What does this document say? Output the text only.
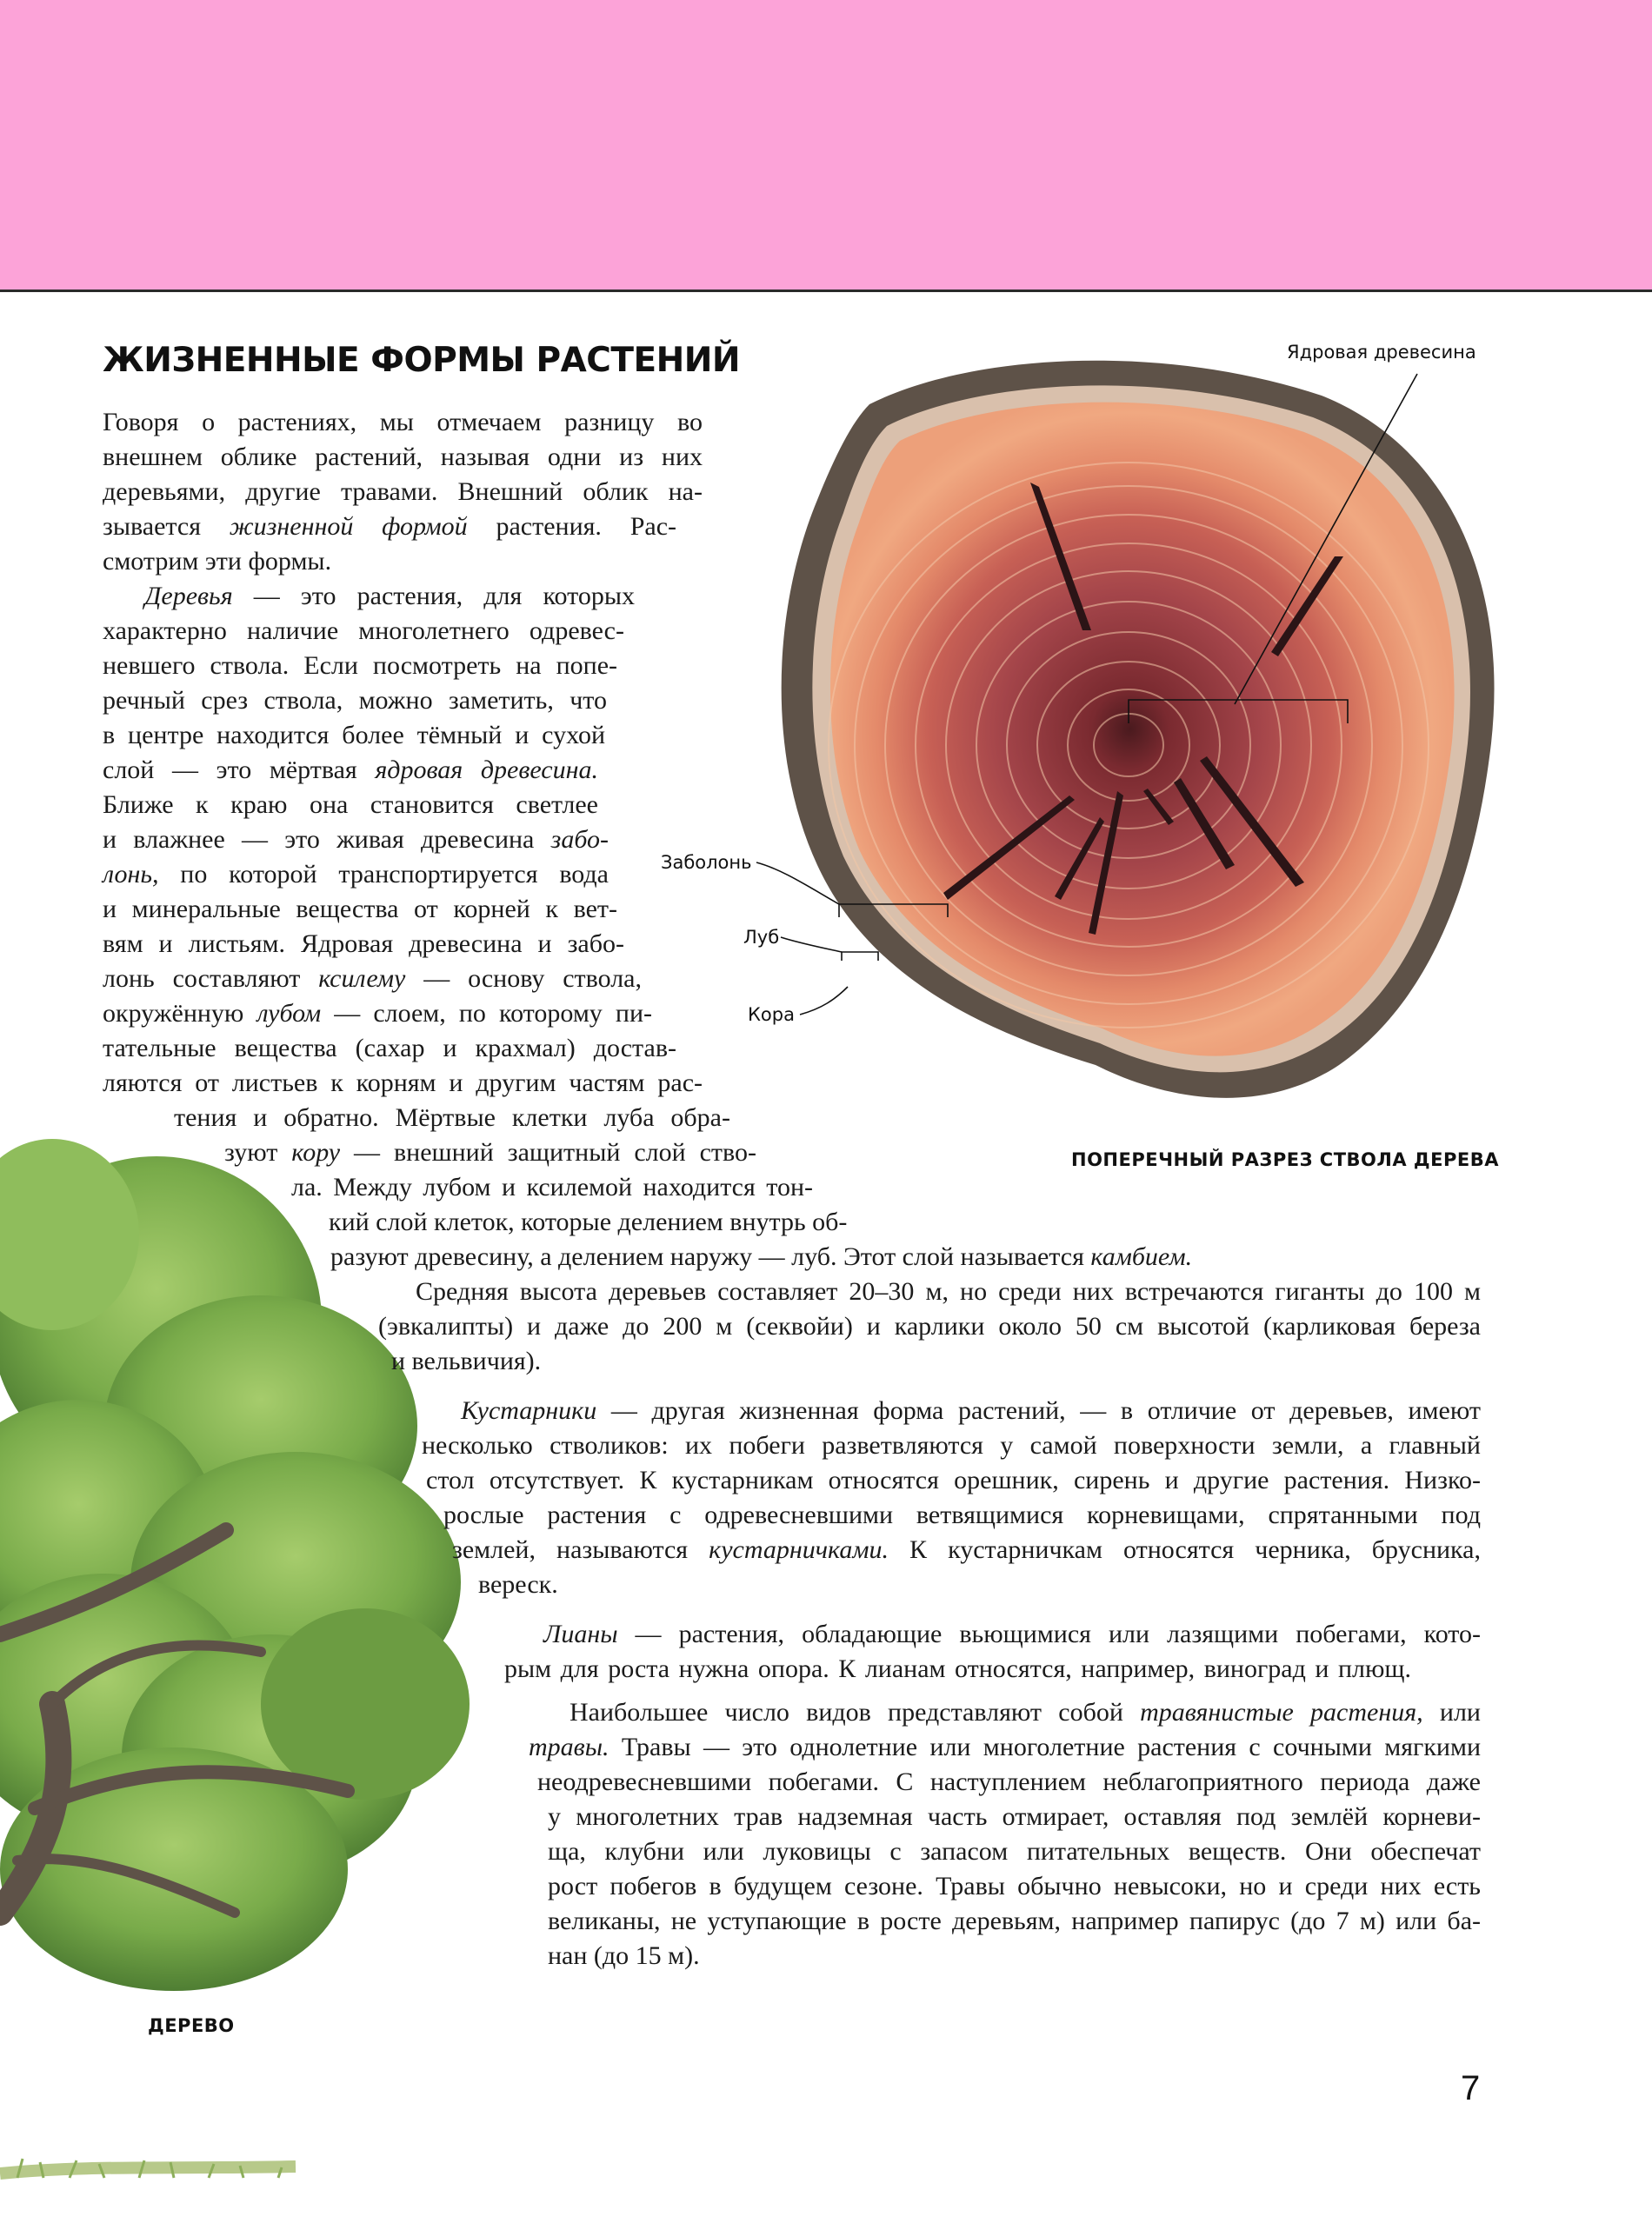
ЖИЗНЕННЫЕ ФОРМЫ РАСТЕНИЙ	Ядровая древесина
Заболонь
Луб
Кора
ПОПЕРЕЧНЫЙ РАЗРЕЗ СТВОЛА ДЕРЕВА
Говоря о растениях, мы отмечаем разницу во
внешнем облике растений, называя одни из них
деревьями, другие травами. Внешний облик на-
зывается жизненной формой растения. Рас-
смотрим эти формы.
Деревья — это растения, для которых
характерно наличие многолетнего одревес-
невшего ствола. Если посмотреть на попе-
речный срез ствола, можно заметить, что
в центре находится более тёмный и сухой
слой — это мёртвая ядровая древесина.
Ближе к краю она становится светлее
и влажнее — это живая древесина забо-
лонь, по которой транспортируется вода
и минеральные вещества от корней к вет-
вям и листьям. Ядровая древесина и забо-
лонь составляют ксилему — основу ствола,
окружённую лубом — слоем, по которому пи-
тательные вещества (сахар и крахмал) достав-
ляются от листьев к корням и другим частям рас-
тения и обратно. Мёртвые клетки луба обра-
зуют кору — внешний защитный слой ство-
ла. Между лубом и ксилемой находится тон-
кий слой клеток, которые делением внутрь об-
разуют древесину, а делением наружу — луб. Этот слой называется камбием.
Средняя высота деревьев составляет 20–30 м, но среди них встречаются гиганты до 100 м
(эвкалипты) и даже до 200 м (секвойи) и карлики около 50 см высотой (карликовая береза
и вельвичия).
Кустарники — другая жизненная форма растений, — в отличие от деревьев, имеют
несколько стволиков: их побеги разветвляются у самой поверхности земли, а главный
стол отсутствует. К кустарникам относятся орешник, сирень и другие растения. Низко-
рослые растения с одревесневшими ветвящимися корневищами, спрятанными под
землей, называются кустарничками. К кустарничкам относятся черника, брусника,
вереск.
Лианы — растения, обладающие вьющимися или лазящими побегами, кото-
рым для роста нужна опора. К лианам относятся, например, виноград и плющ.
Наибольшее число видов представляют собой травянистые растения, или
травы. Травы — это однолетние или многолетние растения с сочными мягкими
неодревесневшими побегами. С наступлением неблагоприятного периода даже
у многолетних трав надземная часть отмирает, оставляя под землёй корневи-
ща, клубни или луковицы с запасом питательных веществ. Они обеспечат
рост побегов в будущем сезоне. Травы обычно невысоки, но и среди них есть
великаны, не уступающие в росте деревьям, например папирус (до 7 м) или ба-
нан (до 15 м).
ДЕРЕВО
7
